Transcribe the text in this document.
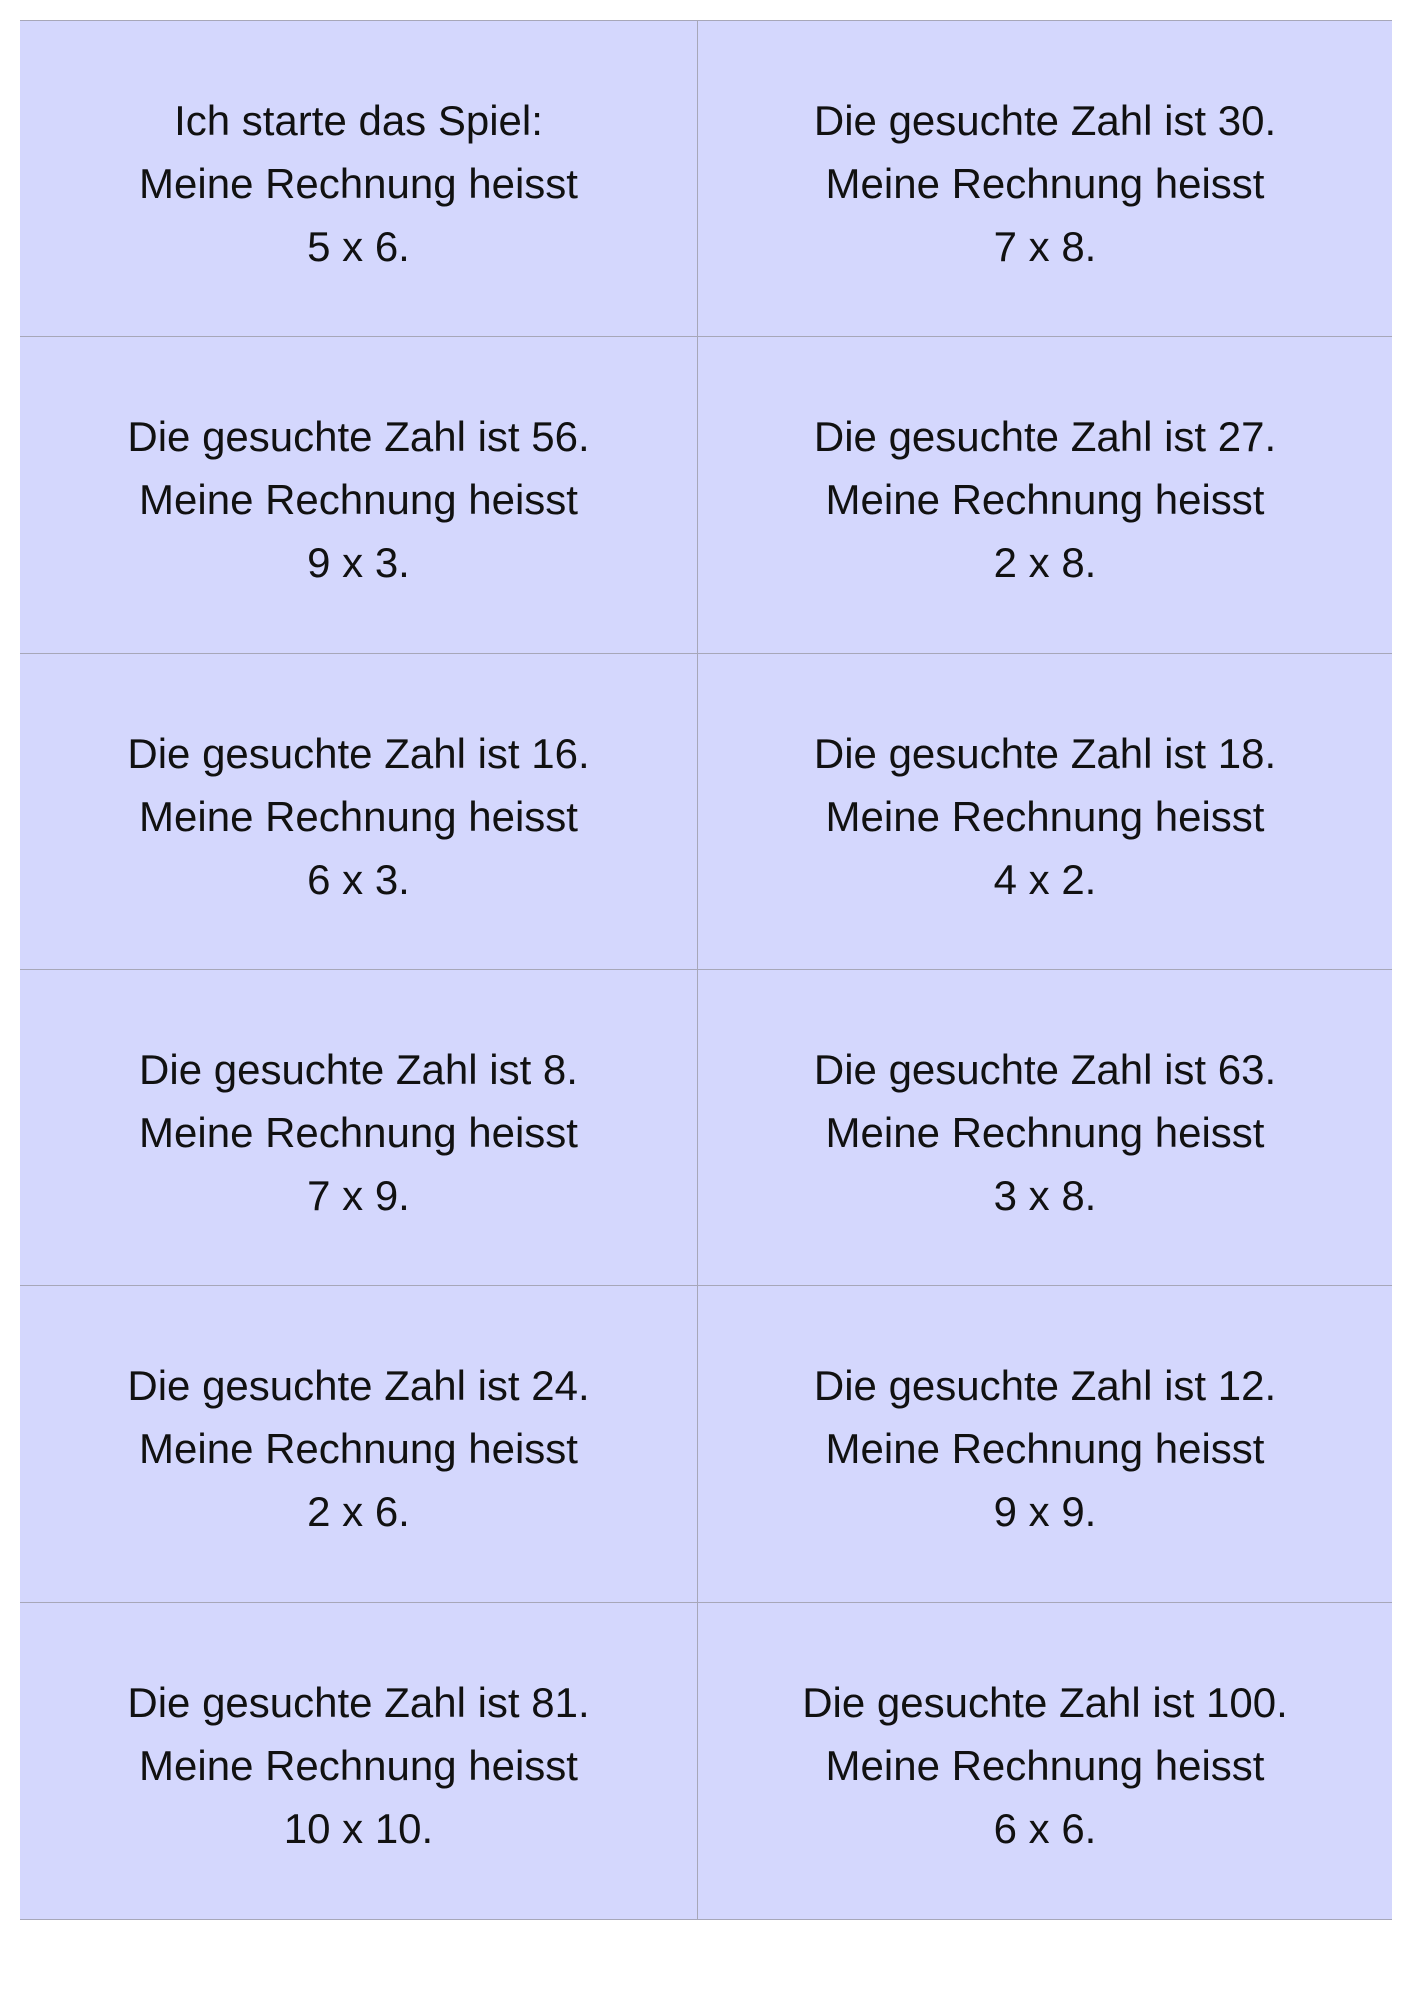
Ich starte das Spiel:
Meine Rechnung heisst
5 x 6.
Die gesuchte Zahl ist 30.
Meine Rechnung heisst
7 x 8.
Die gesuchte Zahl ist 56.
Meine Rechnung heisst
9 x 3.
Die gesuchte Zahl ist 27.
Meine Rechnung heisst
2 x 8.
Die gesuchte Zahl ist 16.
Meine Rechnung heisst
6 x 3.
Die gesuchte Zahl ist 18.
Meine Rechnung heisst
4 x 2.
Die gesuchte Zahl ist 8.
Meine Rechnung heisst
7 x 9.
Die gesuchte Zahl ist 63.
Meine Rechnung heisst
3 x 8.
Die gesuchte Zahl ist 24.
Meine Rechnung heisst
2 x 6.
Die gesuchte Zahl ist 12.
Meine Rechnung heisst
9 x 9.
Die gesuchte Zahl ist 81.
Meine Rechnung heisst
10 x 10.
Die gesuchte Zahl ist 100.
Meine Rechnung heisst
6 x 6.
